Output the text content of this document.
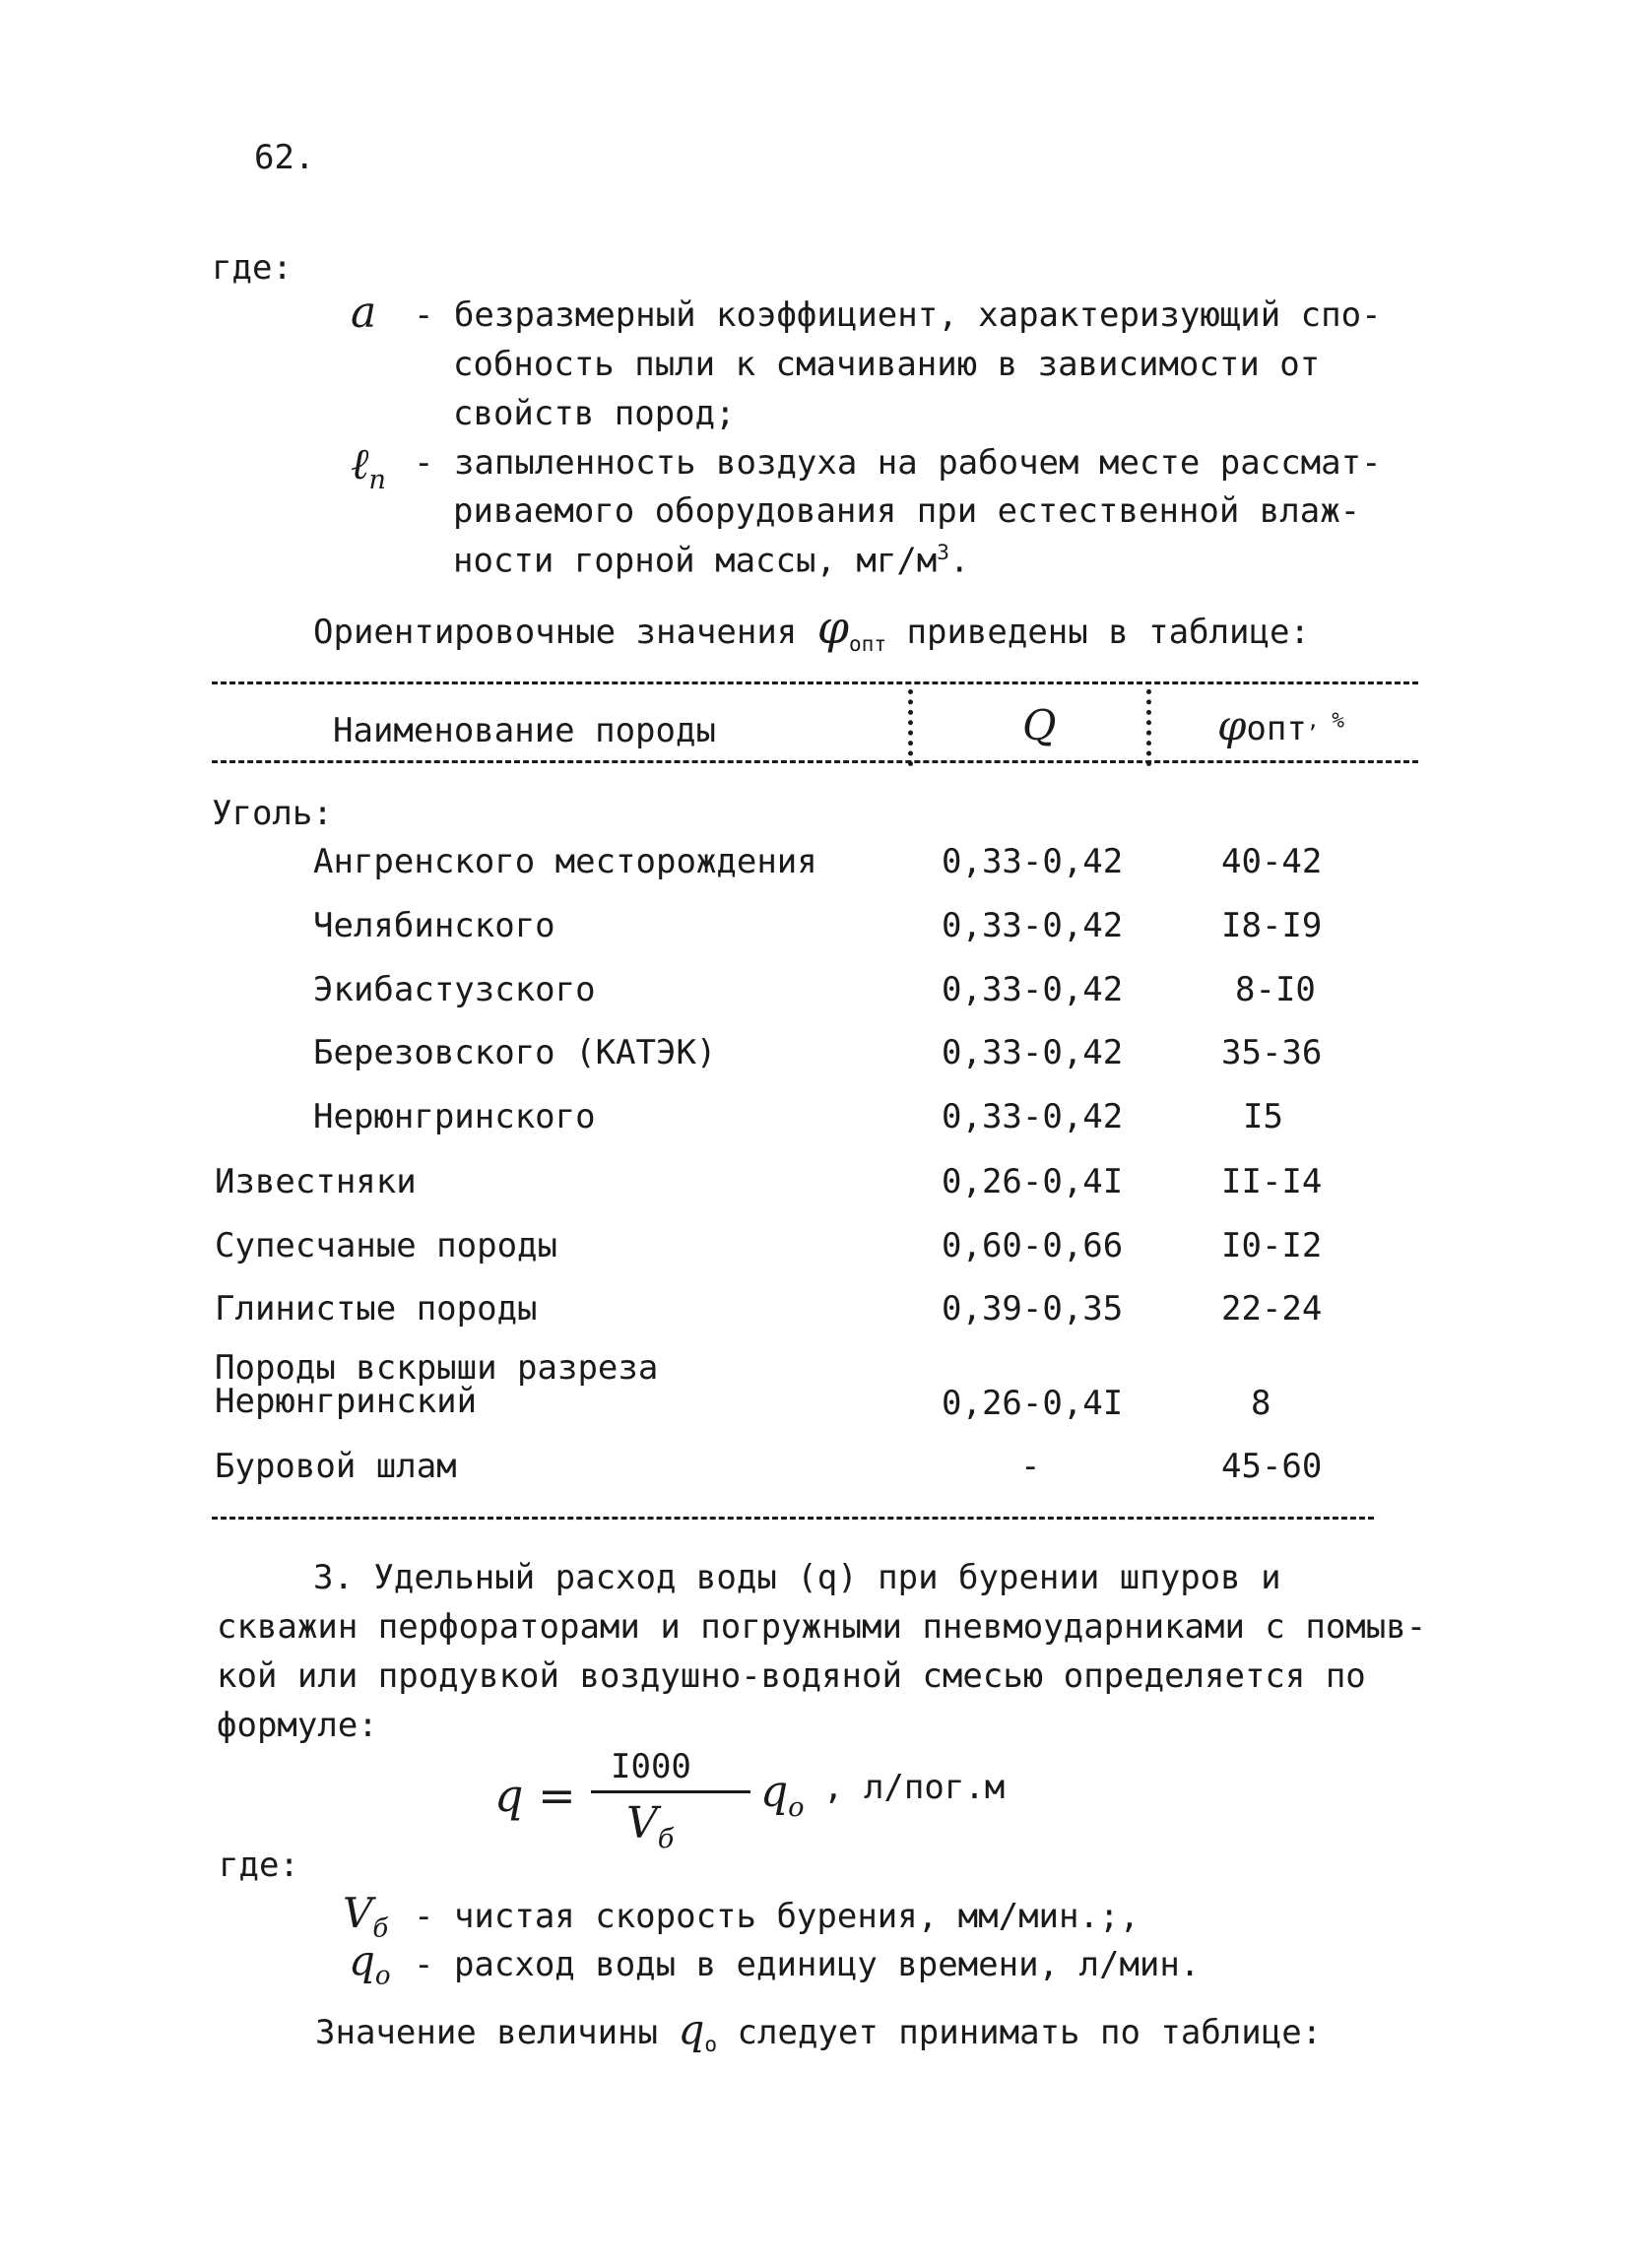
62.
где:
a - безразмерный коэффициент, характеризующий спо-
собность пыли к смачиванию в зависимости от
свойств пород;
ℓ$_п$ - запыленность воздуха на рабочем месте рассмат-
риваемого оборудования при естественной влаж-
ности горной массы, $мг/м^3$.
Ориентировочные значения $\varphi_{опт}$ приведены в таблице:
Наименование породы	Q	φопт, %
Уголь:
Ангренского месторождения	0,33-0,42	40-42
Челябинского	0,33-0,42	I8-I9
Экибастузского	0,33-0,42	8-I0
Березовского (КАТЭК)	0,33-0,42	35-36
Нерюнгринского	0,33-0,42	I5
Известняки	0,26-0,4I	II-I4
Супесчаные породы	0,60-0,66	I0-I2
Глинистые породы	0,39-0,35	22-24
Породы вскрыши разреза
Нерюнгринский	0,26-0,4I	8
Буровой шлам	-	45-60
3. Удельный расход воды (q) при бурении шпуров и
скважин перфораторами и погружными пневмоударниками с помыв-
кой или продувкой воздушно-водяной смесью определяется по
формуле:
q =
I000
$V_б$
$q_o$
, л/пог.м
где:
$V_б$ - чистая скорость бурения, мм/мин.;,
$q_o$ - расход воды в единицу времени, л/мин.
Значение величины $q_o$ следует принимать по таблице:
